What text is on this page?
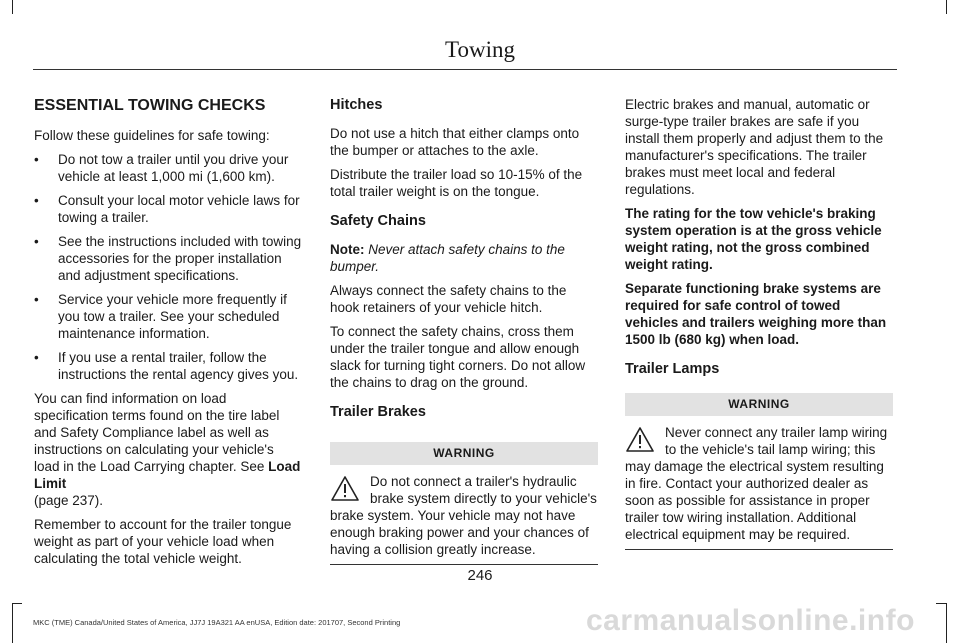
Towing
ESSENTIAL TOWING CHECKS

Follow these guidelines for safe towing:

• Do not tow a trailer until you drive your vehicle at least 1,000 mi (1,600 km).
• Consult your local motor vehicle laws for towing a trailer.
• See the instructions included with towing accessories for the proper installation and adjustment specifications.
• Service your vehicle more frequently if you tow a trailer. See your scheduled maintenance information.
• If you use a rental trailer, follow the instructions the rental agency gives you.

You can find information on load specification terms found on the tire label and Safety Compliance label as well as instructions on calculating your vehicle's load in the Load Carrying chapter. See Load Limit
(page 237).

Remember to account for the trailer tongue weight as part of your vehicle load when calculating the total vehicle weight.

Hitches

Do not use a hitch that either clamps onto the bumper or attaches to the axle.

Distribute the trailer load so 10-15% of the total trailer weight is on the tongue.

Safety Chains

Note: Never attach safety chains to the bumper.

Always connect the safety chains to the hook retainers of your vehicle hitch.

To connect the safety chains, cross them under the trailer tongue and allow enough slack for turning tight corners. Do not allow the chains to drag on the ground.

Trailer Brakes
WARNING
Do not connect a trailer's hydraulic brake system directly to your vehicle's brake system. Your vehicle may not have enough braking power and your chances of having a collision greatly increase.

Electric brakes and manual, automatic or surge-type trailer brakes are safe if you install them properly and adjust them to the manufacturer's specifications. The trailer brakes must meet local and federal regulations.

The rating for the tow vehicle's braking system operation is at the gross vehicle weight rating, not the gross combined weight rating.

Separate functioning brake systems are required for safe control of towed vehicles and trailers weighing more than 1500 lb (680 kg) when load.

Trailer Lamps
WARNING
Never connect any trailer lamp wiring to the vehicle's tail lamp wiring; this may damage the electrical system resulting in fire. Contact your authorized dealer as soon as possible for assistance in proper trailer tow wiring installation. Additional electrical equipment may be required.
246
MKC (TME) Canada/United States of America, JJ7J 19A321 AA enUSA, Edition date: 201707, Second Printing	carmanualsonline.info
